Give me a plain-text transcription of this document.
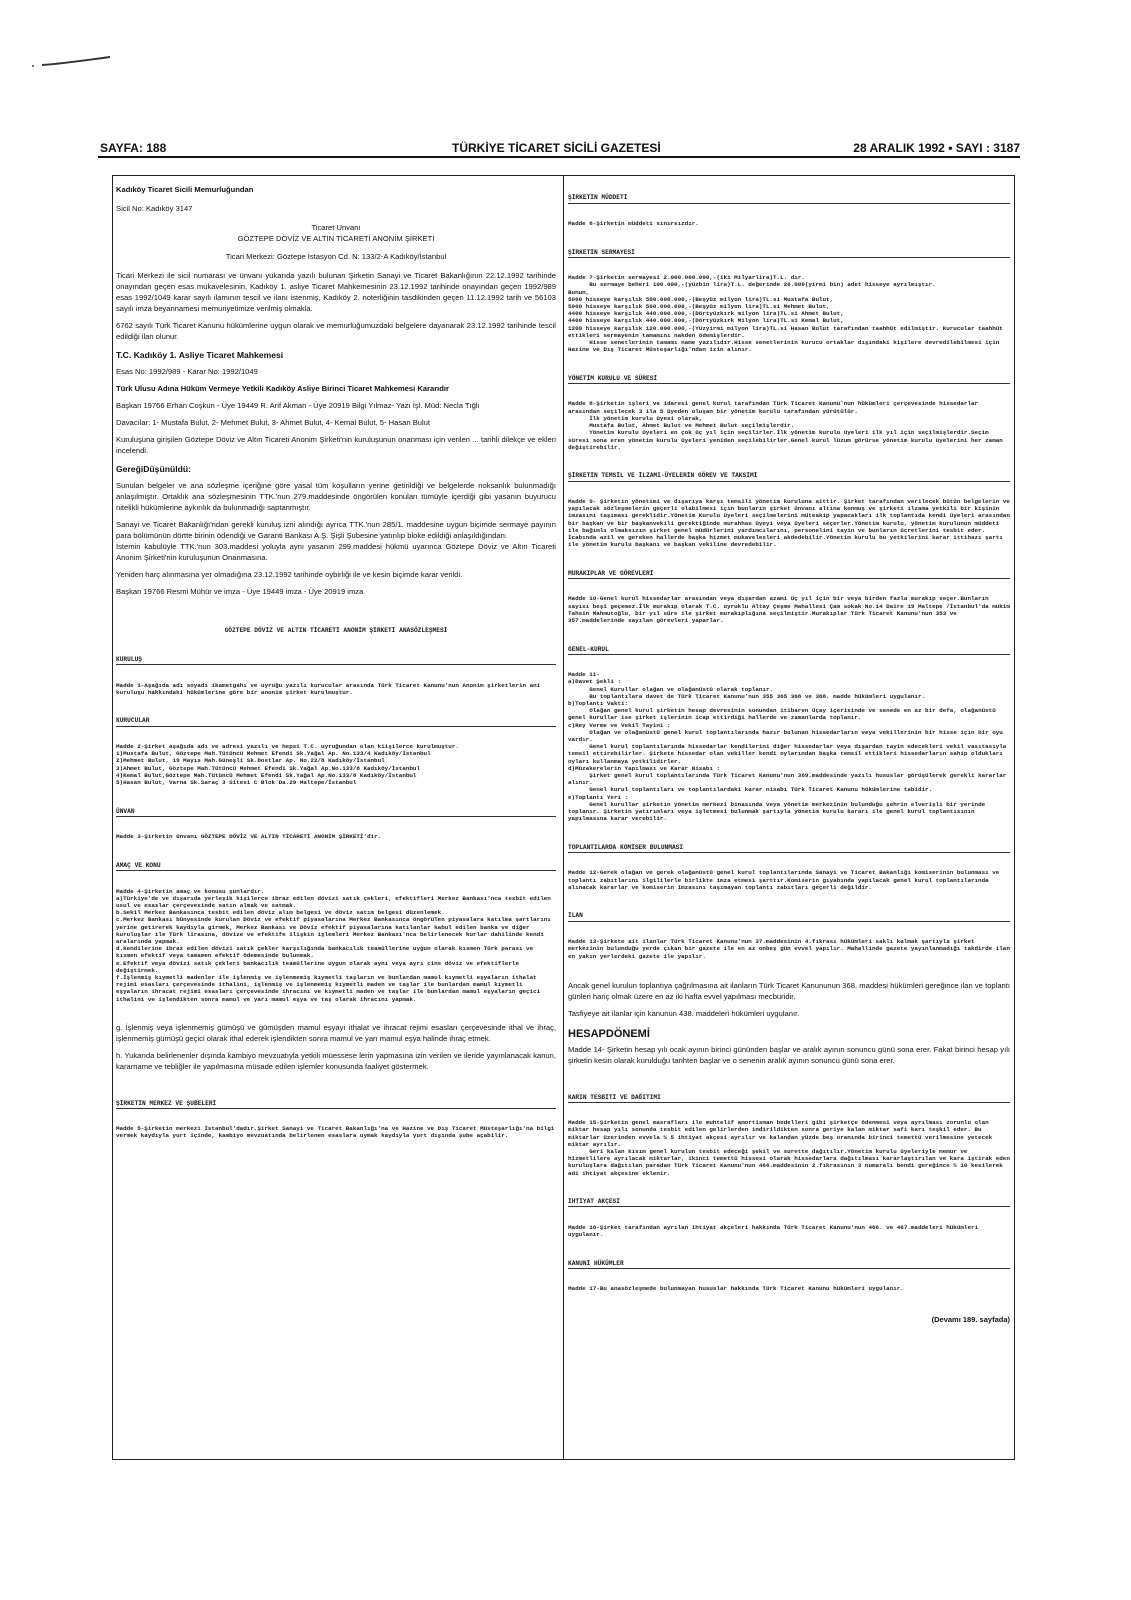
SAYFA: 188	TÜRKİYE TİCARET SİCİLİ GAZETESİ	28 ARALIK 1992 • SAYI : 3187
Kadıköy Ticaret Sicili Memurluğundan
Sicil No: Kadıköy 3147
Ticaret Unvanı
GÖZTEPE DÖVİZ VE ALTIN TİCARETİ ANONİM ŞİRKETİ
Ticari Merkezi: Göztepe İstasyon Cd. N: 133/2-A Kadıköy/İstanbul

Ticari Merkezi ile sicil numarası ve ünvanı yukarıda yazılı bulunan Şirketin Sanayi ve Ticaret Bakanlığının 22.12.1992 tarihinde onayından geçen esas mukavelesinin, Kadıköy 1. asliye Ticaret Mahkemesinin 23.12.1992 tarihinde onayından geçen 1992/989 esas 1992/1049 karar sayılı ilamının tescil ve ilanı istenmiş, Kadıköy 2. noterliğinin tasdikinden geçen 11.12.1992 tarih ve 56103 sayılı imza beyannamesi memuriyetimize verilmiş olmakla.

6762 sayılı Türk Ticaret Kanunu hükümlerine uygun olarak ve memurluğumuzdaki belgelere dayanarak 23.12.1992 tarihinde tescil edildiği ilan olunur.

T.C. Kadıköy 1. Asliye Ticaret Mahkemesi

Esas No: 1992/989 - Karar No: 1992/1049

Türk Ulusu Adına Hüküm Vermeye Yetkili Kadıköy Asliye Birinci Ticaret Mahkemesi Kararıdır

Başkan 19766 Erhan Coşkun - Üye 19449 R. Arif Akman - Üye 20919 Bilgi Yılmaz- Yazı İşl. Müd: Necla Tığlı

Davacılar: 1- Mustafa Bulut, 2- Mehmet Bulut, 3- Ahmet Bulut, 4- Kemal Bulut, 5- Hasan Bulut

Kuruluşuna girişilen Göztepe Döviz ve Altın Ticareti Anonim Şirketi'nin kuruluşunun onanması için verilen ... tarihli dilekçe ve ekleri incelendi.

GereğiDüşünüldü:

Sunulan belgeler ve ana sözleşme içeriğine göre yasal tüm koşulların yerine getirildiği ve belgelerde noksanlık bulunmadığı anlaşılmıştır. Ortaklık ana sözleşmesinin TTK.'nun 279.maddesinde öngörülen konuları tümüyle içerdiği gibi yasanın buyurucu nitelikli hükümlerine aykırılık da bulunmadığı saptanmıştır.

Sanayi ve Ticaret Bakanlığı'ndan gerekli kuruluş izni alındığı ayrıca TTK.'nun 285/1. maddesine uygun biçimde sermaye payının para bölümünün dörtte birinin ödendiği ve Garanti Bankası A.Ş. Şişli Şubesine yatırılıp bloke edildiği anlaşıldığından:

İstemin kabulüyle TTK.'nun 303.maddesi yoluyla aynı yasanın 299.maddesi hükmü uyarınca Göztepe Döviz ve Altın Ticareti Anonim Şirketi'nin kuruluşunun Onanmasına.

Yeniden harç alınmasına yer olmadığına 23.12.1992 tarihinde oybirliği ile ve kesin biçimde karar verildi.

Başkan 19766 Resmi Mühür ve imza - Üye 19449 imza - Üye 20919 imza

GÖZTEPE DÖVİZ VE ALTIN TİCARETİ ANONİM ŞİRKETİ ANASÖZLEŞMESİ

KURULUŞ

Madde 1-Aşağıda adı soyadı ikametgahı ve uyruğu yazılı kurucular arasında Türk Ticaret Kanunu'nun Anonim şirketlerin ani kuruluşu hakkındaki hükümlerine göre bir anonim şirket kurulmuştur.

KURUCULAR

Madde 2-Şirket aşağıda adı ve adresi yazılı ve hepsi T.C. uyruğundan olan kiişilerce kurulmuştur.
1)Mustafa Bulut, Göztepe Mah.Tütüncü Mehmet Efendi Sk.Yağal Ap. No.133/4 Kadıköy/İstanbul
2)Mehmet Bulut, 19 Mayıs Mah.Güneşli Sk.Dostlar Ap. No.22/8 Kadıköy/İstanbul
3)Ahmet Bulut, Göztepe Mah.Tütüncü Mehmet Efendi Sk.Yağal Ap.No.133/8 Kadıköy/İstanbul
4)Kemal Bulut,Göztepe Mah.Tütüncü Mehmet Efendi Sk.Yağal Ap.No.133/8 Kadıköy/İstanbul
5)Hasan Bulut, Varna Sk.Saraç 3 Sitesi C Blok Da.29 Maltepe/İstanbul

ÜNVAN

Madde 3-Şirketin ünvanı GÖZTEPE DÖVİZ VE ALTIN TİCARETİ ANONİM ŞİRKETİ'dir.

AMAÇ VE KONU

Madde 4-Şirketin amaç ve konusu şunlardır.
a)Türkiye'de ve dışarıda yerleşik kişilerce ibraz edilen dövizi satık çekleri, efektifleri Merkez Bankası'nca tesbit edilen usul ve esaslar çerçevesinde satın almak ve satmak.
b.Sekil Merkez Bankasınca tesbit edilen döviz alım belgesi ve döviz satım belgesi düzenlemek.
c.Merkez Bankası bünyesinde kurulan Döviz ve efektif piyasalarına Merkez Bankasınca öngörülen piyasalara katılma şartlarını yerine getirerek kaydıyla girmek, Merkez Bankası ve Döviz efektif piyasalarına katılanlar kabul edilen banka ve diğer kuruluşlar ile Türk lirasına, dövize ve efektife ilişkin işlemleri Merkez Bankası'nca belirlenecek kurlar dahilinde kendi aralarında yapmak.
d.Kendilerine ibraz edilen dövizi satık çekler karşılığında bankacılık teamüllerine uygun olarak kısmen Türk parası ve kısmen efektif veya tamamen efektif ödemesinde bulunmak.
e.Efektif veya dövizi satık çekleri bankacılık teamüllerine uygun olarak aynı veya ayrı cins döviz ve efektiflerle değiştirmek.
f.İşlenmiş kıymetli madenler ile işlenmiş ve işlenmemiş kıymetli taşların ve bunlardan mamul kıymetli eşyaların ithalat rejimi esasları çerçevesinde ithalini, işlenmiş ve işlenmemiş kıymetli maden ve taşlar ile bunlardan mamul kıymetli eşyaların ihracat rejimi esasları çerçevesinde ihracını ve kıymetli maden ve taşlar ile bunlardan mamul eşyaların geçici ithalini ve işlendikten sonra mamul ve yarı mamul eşya ve taş olarak ihracını yapmak.

g. İşlenmiş veya işlenmemiş gümüşü ve gümüşden mamul eşyayı ithalat ve ihracat rejimi esasları çerçevesinde ithal ve ihraç, işlenmemiş gümüşü geçici olarak ithal ederek işlendikten sonra mamul ve yarı mamul eşya halinde ihraç etmek.

h. Yukarıda belirlenenler dışında kambiyo mevzuatıyla yetkili müessese lerin yapmasına izin verilen ve ileride yayınlanacak kanun, kararname ve tebliğler ile yapılmasına müsade edilen işlemler konusunda faaliyet göstermek.

ŞİRKETİN MERKEZ VE ŞUBELERİ

Madde 5-Şirketin merkezi İstanbul'dadır.Şirket Sanayi ve Ticaret Bakanlığı'na ve Hazine ve Dış Ticaret Müsteşarlığı'na bilgi vermek kaydıyla yurt içinde, kambiyo mevzuatında belirlenen esaslara uymak kaydıyla yurt dışında şube açabilir.

ŞİRKETİN MÜDDETİ

Madde 6-Şirketin müddeti sınırsızdır.

ŞİRKETİN SERMAYESİ

Madde 7-Şirketin sermayesi 2.000.000.000,-(iki Milyarlira)T.L. dır.
Bu sermaye beheri 100.000,-(yüzbin lira)T.L. değerinde 20.000(yirmi bin) adet hisseye ayrılmıştır.
Bunun,
5000 hisseye karşılık 500.000.000,-(Beşyüz milyon lira)TL.si Mustafa Bulut,
5000 hisseye karşılık 500.000.000,-(Beşyüz milyon lira)TL.si Mehmet Bulut,
4400 hisseye karşılık 440.000.000,-(Dörtyüzkırk milyon lira)TL.si Ahmet Bulut,
4400 hisseye karşılık 440.000.000,-(Dörtyüzkırk Milyon lira)TL.si Kemal Bulut,
1200 hisseye karşılık 120.000.000,-(Yüzyirmi milyon lira)TL.si Hasan Bulut tarafından taahhüt edilmiştir. Kurucular taahhüt ettikleri sermayenin tamamını nakden ödemişlerdir.
Hisse senetlerinin tamamı name yazılıdır.Hisse senetlerinin kurucu ortaklar dışındaki kişilere devredilebilmesi için Hazine ve Dış Ticaret Müsteşarlığı'ndan izin alınır.

YÖNETİM KURULU VE SÜRESİ

Madde 8-Şirketin işleri ve idaresi genel kurul tarafından Türk Ticaret Kanunu'nun hükümleri çerçevesinde hissedarlar arasından seçilecek 3 ila 5 üyeden oluşan bir yönetim kurulu tarafından yürütülür.
İlk yönetim kurulu üyesi olarak,
Mustafa Bulut, Ahmet Bulut ve Mehmet Bulut seçilmişlerdir.
Yönetim kurulu üyeleri en çok üç yıl için seçilirler.İlk yönetim kurulu üyeleri ilk yıl için seçilmişlerdir.Seçim süresi sona eren yönetim kurulu üyeleri yeniden seçilebilirler.Genel kurul lüzum görürse yönetim kurulu üyelerini her zaman değiştirebilir.

ŞİRKETİN TEMSİL VE İLZAMI-ÜYELERİN GÖREV VE TAKSİMİ

Madde 9- Şirketin yönetimi ve dışarıya karşı temsili yönetim kuruluna aittir. Şirket tarafından verilecek bütün belgelerin ve yapılacak sözleşmelerin geçerli olabilmesi için bunların şirket ünvanı altına konmuş ve şirketi ilzama yetkili bir kişinin imzasını taşıması gereklidir.Yönetim Kurulu üyeleri seçilmelerini müteakip yapacakları ilk toplantıda kendi üyeleri arasından bir başkan ve bir başkanvekili gerektiğinde murahhas üyeyi veya üyeleri seçerler.Yönetim kurulu, yönetim kurulunun müddeti ile bağımlı olmaksızın şirket genel müdürlerini yardımcılarını, personelini tayin ve bunların ücretlerini tesbit eder. İcabında azil ve gereken hallerde başka hizmet mukavelesleri akdedebilir.Yönetim kurulu bu yetkilerini karar ittihazı şartı ile yönetim kurulu başkanı ve başkan vekiline devredebilir.

MURAKIPLAR VE GÖREVLERİ

Madde 10-Genel kurul hissedarlar arasından veya dışardan azami üç yıl için bir veya birden fazla murakıp seçer.Bunların sayısı beşi geçemez.İlk murakıp olarak T.C. uyruklu Altay Çeşme Mahallesi Çam sokak No.14 Daire 19 Maltepe /İstanbul'da mukim Tahsin Mahmutoğlu, bir yıl süre ile şirket murakıplığına seçilmiştir.Murakıplar Türk Ticaret Kanunu'nun 353 ve 357.maddelerinde sayılan görevleri yaparlar.

GENEL-KURUL

Madde 11-
a)Davet Şekli :
Genel Kurullar olağan ve olağanüstü olarak toplanır.
Bu toplantılara davet de Türk Ticaret Kanunu'nun 355 365 368 ve 368. madde hükümleri uygulanır.
b)Toplantı Vakti:
Olağan genel kurul şirketin hesap devresinin sonundan itibaren üçay içerisinde ve senede en az bir defa, olağanüstü genel kurullar ise şirket işlerinin icap ettirdiği hallerde ve zamanlarda toplanır.
c)Rey Verme ve Vekil Tayini :
Olağan ve olağanüstü genel kurul toplantılarında hazır bulunan hissedarların veya vekillerinin bir hisse için bir oyu vardır.
Genel kurul toplantılarında hissedarlar kendilerini diğer hissedarlar veya dışardan tayin edecekleri vekil vasıtasıyla temsil ettirebilirler. Şirkete hissedar olan vekiller kendi oylarından başka temsil ettikleri hissedarların sahip oldukları oyları kullanmaya yetkilidirler.
d)Müzakerelerin Yapılması ve Karar Nisabı :
Şirket genel kurul toplantılarında Türk Ticaret Kanunu'nun 369.maddesinde yazılı hususlar görüşülerek gerekli kararlar alınır.
Genel kurul toplantıları ve toplantılardaki karar nisabı Türk Ticaret Kanunu hükümlerine tabidir.
e)Toplantı Yeri :
Genel kurullar şirketin yönetim merkezi binasında veya yönetim merkezinin bulunduğu şehrin elverişli bir yerinde toplanır. Şirketin yatırımları veya işletmesi bulunmak şartıyla yönetim kurulu kararı ile genel kurul toplantısının yapılmasına karar verebilir.

TOPLANTILARDA KOMİSER BULUNMASI

Madde 12-Gerek olağan ve gerek olağanüstü genel kurul toplantılarında Sanayi ve Ticaret Bakanlığı komiserinin bulunması ve toplantı zabıtlarını ilgililerle birlikte imza etmesi şarttır.Komiserin gıyabında yapılacak genel kurul toplantılarında alınacak kararlar ve komiserin imzasını taşımayan toplantı zabıtları geçerli değildir.

İLAN

Madde 13-Şirkete ait ilanlar Türk Ticaret Kanunu'nun 37.maddesinin 4.fıkrası hükümleri saklı kalmak şartıyla şirket merkezinin bulunduğu yerde çıkan bir gazete ile en az onbeş gün evvel yapılır. Mahallinde gazete yayınlanmadığı takdirde ilan en yakın yerlerdeki gazete ile yapılır.

Ancak genel kurulun toplantıya çağrılmasına ait ilanların Türk Ticaret Kanununun 368. maddesi hükümleri gereğince ilan ve toplantı günleri hariç olmak üzere en az iki hafta evvel yapılması mecburidir.

Tasfiyeye ait ilanlar için kanunun 438. maddeleri hükümleri uygulanır.

HESAPDÖNEMİ

Madde 14- Şirketin hesap yılı ocak ayının birinci gününden başlar ve aralık ayının sonuncu günü sona erer. Fakat birinci hesap yılı şirketin kesin olarak kurulduğu tarihten başlar ve o senenin aralık ayının sonuncu günü sona erer.

KARIN TESBİTİ VE DAĞITIMI

Madde 15-Şirketin genel masrafları ile muhtelif amortisman bedelleri gibi şirketçe ödenmesi veya ayrılması zorunlu olan miktar hesap yılı sonunda tesbit edilen gelirlerden indirildikten sonra geriye kalan miktar safi karı teşkil eder. Bu miktarlar üzerinden evvela % 5 ihtiyat akçesi ayrılır ve kalandan yüzde beş oranında birinci temettü verilmesine yetecek miktar ayrılır.
Geri kalan kısım genel kurulun tesbit edeceği şekil ve surette dağıtılır.Yönetim kurulu üyeleriyle memur ve hizmetlilere ayrılacak miktarlar, ikinci temettü hissesi olarak hissedarlara dağıtılması kararlaştırılan ve kara iştirak eden kuruluşlara dağıtılan paradan Türk Ticaret Kanunu'nun 466.maddesinin 2.fıkrasının 3 numaralı bendi gereğince % 10 kesilerek adi ihtiyat akçesine eklenir.

İHTİYAT AKÇESİ

Madde 16-Şirket tarafından ayrılan ihtiyat akçeleri hakkında Türk Ticaret Kanunu'nun 466. ve 467.maddeleri hükümleri uygulanır.

KANUNİ HÜKÜMLER

Madde 17-Bu anasözleşmede bulunmayan hususlar hakkında Türk Ticaret Kanunu hükümleri uygulanır.

(Devamı 189. sayfada)
